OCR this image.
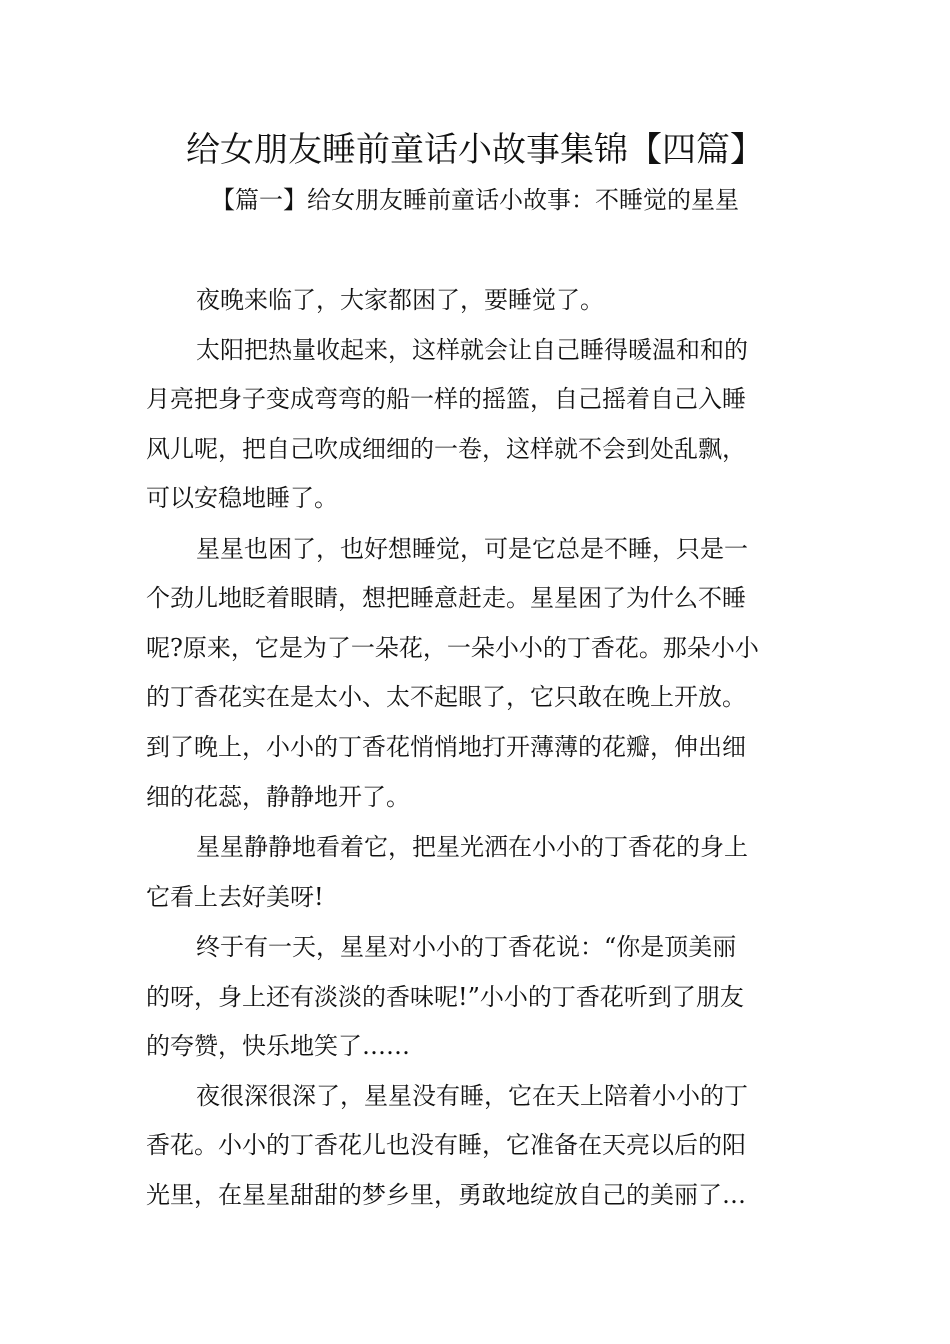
给女朋友睡前童话小故事集锦【四篇】
【篇一】给女朋友睡前童话小故事：不睡觉的星星
夜晚来临了，大家都困了，要睡觉了。
太阳把热量收起来，这样就会让自己睡得暖温和和的
月亮把身子变成弯弯的船一样的摇篮，自己摇着自己入睡
风儿呢，把自己吹成细细的一卷，这样就不会到处乱飘，
可以安稳地睡了。
星星也困了，也好想睡觉，可是它总是不睡，只是一
个劲儿地眨着眼睛，想把睡意赶走。星星困了为什么不睡
呢?原来，它是为了一朵花，一朵小小的丁香花。那朵小小
的丁香花实在是太小、太不起眼了，它只敢在晚上开放。
到了晚上，小小的丁香花悄悄地打开薄薄的花瓣，伸出细
细的花蕊，静静地开了。
星星静静地看着它，把星光洒在小小的丁香花的身上
它看上去好美呀!
终于有一天，星星对小小的丁香花说：“你是顶美丽
的呀，身上还有淡淡的香味呢!”小小的丁香花听到了朋友
的夸赞，快乐地笑了……
夜很深很深了，星星没有睡，它在天上陪着小小的丁
香花。小小的丁香花儿也没有睡，它准备在天亮以后的阳
光里，在星星甜甜的梦乡里，勇敢地绽放自己的美丽了…
